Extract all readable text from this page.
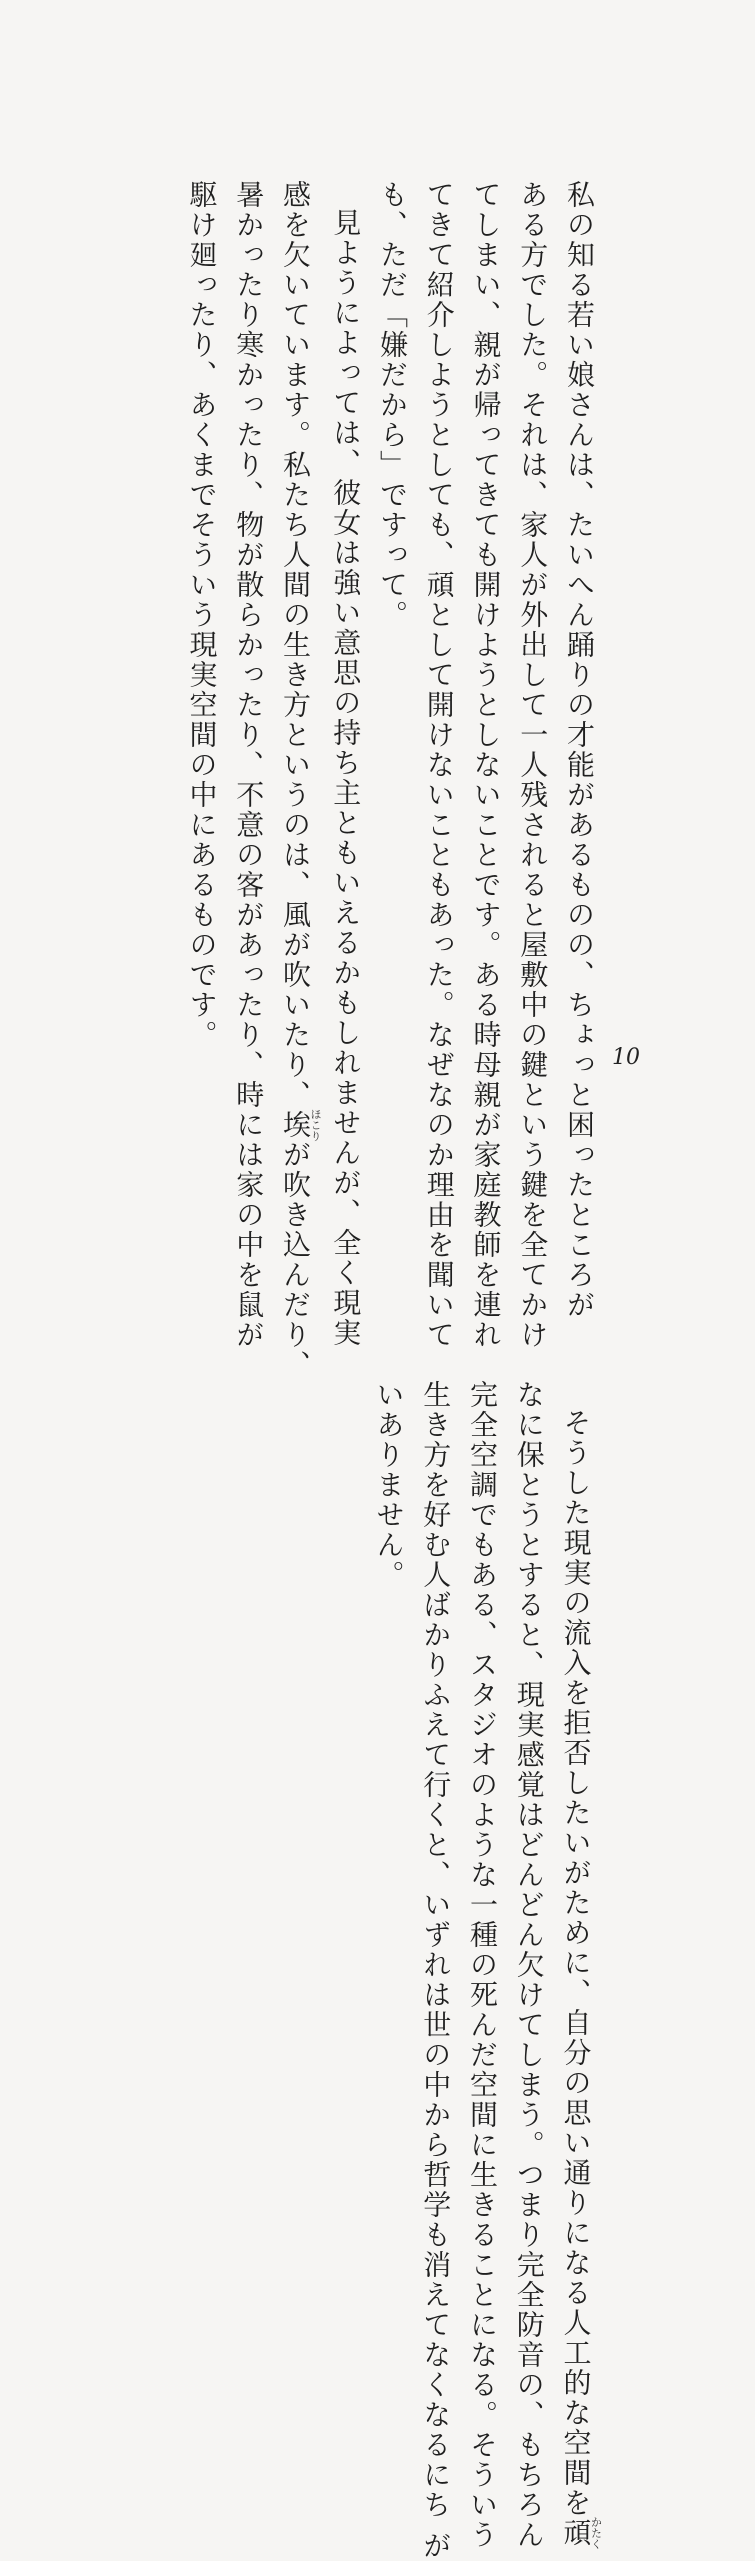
私の知る若い娘さんは、たいへん踊りの才能があるものの、ちょっと困ったところが
ある方でした。それは、家人が外出して一人残されると屋敷中の鍵という鍵を全てかけ
てしまい、親が帰ってきても開けようとしないことです。ある時母親が家庭教師を連れ
てきて紹介しようとしても、頑として開けないこともあった。なぜなのか理由を聞いて
も、ただ「嫌だから」ですって。
見ようによっては、彼女は強い意思の持ち主ともいえるかもしれませんが、全く現実
感を欠いています。私たち人間の生き方というのは、風が吹いたり、埃ほこりが吹き込んだり、
暑かったり寒かったり、物が散らかったり、不意の客があったり、時には家の中を鼠が
駆け廻ったり、あくまでそういう現実空間の中にあるものです。
そうした現実の流入を拒否したいがために、自分の思い通りになる人工的な空間を頑かたく
なに保とうとすると、現実感覚はどんどん欠けてしまう。つまり完全防音の、もちろん
完全空調でもある、スタジオのような一種の死んだ空間に生きることになる。そういう
生き方を好む人ばかりふえて行くと、いずれは世の中から哲学も消えてなくなるにち が
いありません。
10
